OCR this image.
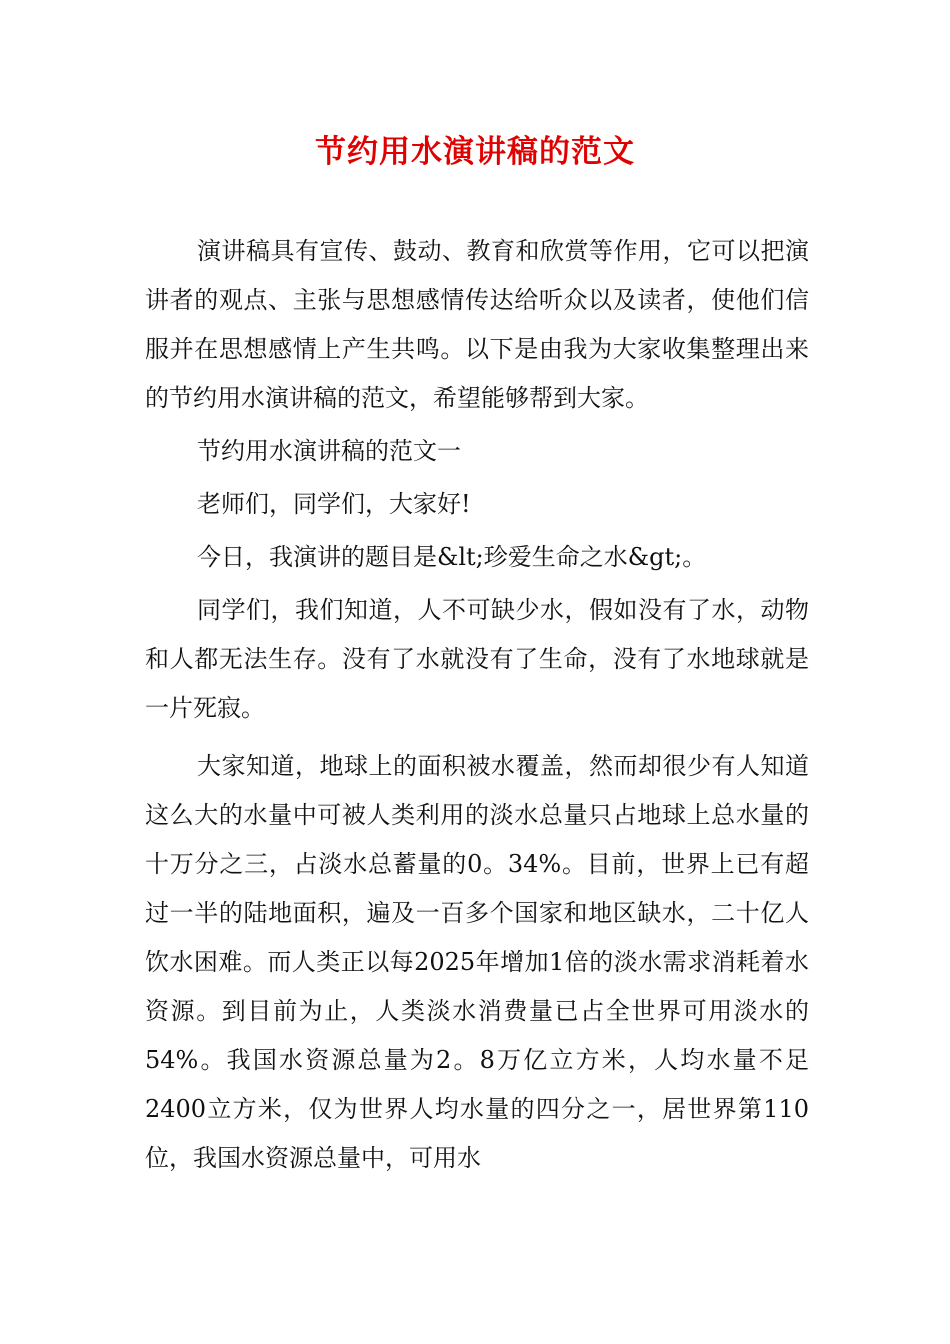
节约用水演讲稿的范文

演讲稿具有宣传、鼓动、教育和欣赏等作用，它可以把演讲者的观点、主张与思想感情传达给听众以及读者，使他们信服并在思想感情上产生共鸣。以下是由我为大家收集整理出来的节约用水演讲稿的范文，希望能够帮到大家。

节约用水演讲稿的范文一

老师们，同学们，大家好!

今日，我演讲的题目是&lt;珍爱生命之水&gt;。

同学们，我们知道，人不可缺少水，假如没有了水，动物和人都无法生存。没有了水就没有了生命，没有了水地球就是一片死寂。

大家知道，地球上的面积被水覆盖，然而却很少有人知道这么大的水量中可被人类利用的淡水总量只占地球上总水量的十万分之三，占淡水总蓄量的0。34%。目前，世界上已有超过一半的陆地面积，遍及一百多个国家和地区缺水，二十亿人饮水困难。而人类正以每2025年增加1倍的淡水需求消耗着水资源。到目前为止，人类淡水消费量已占全世界可用淡水的54%。我国水资源总量为2。8万亿立方米，人均水量不足2400立方米，仅为世界人均水量的四分之一，居世界第110 位，我国水资源总量中，可用水
